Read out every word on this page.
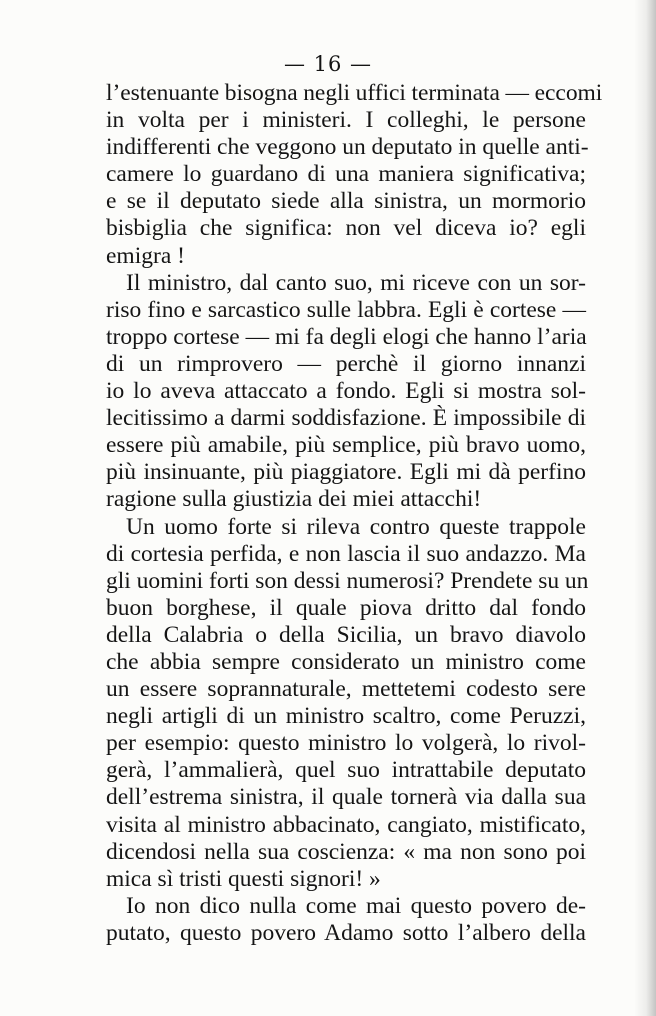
— 16 —
l’estenuante bisogna negli uffici terminata — eccomi
in volta per i ministeri. I colleghi, le persone
indifferenti che veggono un deputato in quelle anti-
camere lo guardano di una maniera significativa;
e se il deputato siede alla sinistra, un mormorio
bisbiglia che significa: non vel diceva io? egli
emigra !
Il ministro, dal canto suo, mi riceve con un sor-
riso fino e sarcastico sulle labbra. Egli è cortese —
troppo cortese — mi fa degli elogi che hanno l’aria
di un rimprovero — perchè il giorno innanzi
io lo aveva attaccato a fondo. Egli si mostra sol-
lecitissimo a darmi soddisfazione. È impossibile di
essere più amabile, più semplice, più bravo uomo,
più insinuante, più piaggiatore. Egli mi dà perfino
ragione sulla giustizia dei miei attacchi!
Un uomo forte si rileva contro queste trappole
di cortesia perfida, e non lascia il suo andazzo. Ma
gli uomini forti son dessi numerosi? Prendete su un
buon borghese, il quale piova dritto dal fondo
della Calabria o della Sicilia, un bravo diavolo
che abbia sempre considerato un ministro come
un essere soprannaturale, mettetemi codesto sere
negli artigli di un ministro scaltro, come Peruzzi,
per esempio: questo ministro lo volgerà, lo rivol-
gerà, l’ammalierà, quel suo intrattabile deputato
dell’estrema sinistra, il quale tornerà via dalla sua
visita al ministro abbacinato, cangiato, mistificato,
dicendosi nella sua coscienza: « ma non sono poi
mica sì tristi questi signori! »
Io non dico nulla come mai questo povero de-
putato, questo povero Adamo sotto l’albero della
